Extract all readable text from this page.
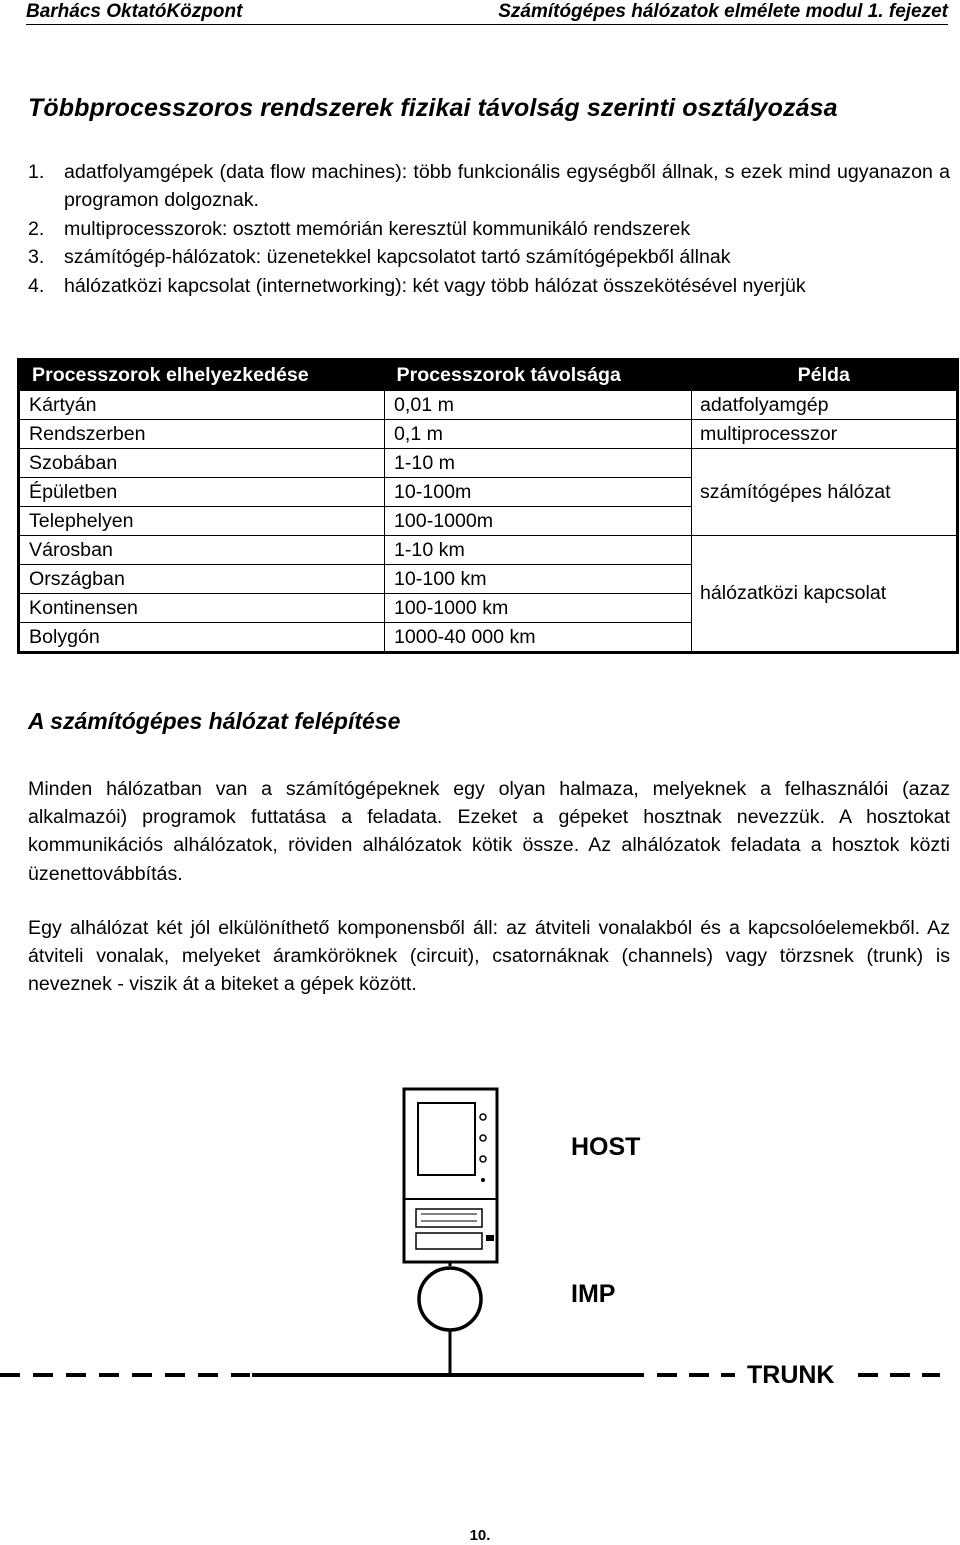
Barhács OktatóKözpont	Számítógépes hálózatok elmélete modul 1. fejezet
Többprocesszoros rendszerek fizikai távolság szerinti osztályozása
1. adatfolyamgépek (data flow machines): több funkcionális egységből állnak, s ezek mind ugyanazon a programon dolgoznak.
2. multiprocesszorok: osztott memórián keresztül kommunikáló rendszerek
3. számítógép-hálózatok: üzenetekkel kapcsolatot tartó számítógépekből állnak
4. hálózatközi kapcsolat (internetworking): két vagy több hálózat összekötésével nyerjük
Processzorok elhelyezkedése	Processzorok távolsága	Példa
Kártyán	0,01 m	adatfolyamgép
Rendszerben	0,1 m	multiprocesszor
Szobában	1-10 m	számítógépes hálózat
Épületben	10-100m	
Telephelyen	100-1000m	
Városban	1-10 km	hálózatközi kapcsolat
Országban	10-100 km	
Kontinensen	100-1000 km	
Bolygón	1000-40 000 km	
A számítógépes hálózat felépítése

Minden hálózatban van a számítógépeknek egy olyan halmaza, melyeknek a felhasználói (azaz alkalmazói) programok futtatása a feladata. Ezeket a gépeket hosztnak nevezzük. A hosztokat kommunikációs alhálózatok, röviden alhálózatok kötik össze. Az alhálózatok feladata a hosztok közti üzenettovábbítás.

Egy alhálózat két jól elkülöníthető komponensből áll: az átviteli vonalakból és a kapcsolóelemekből. Az átviteli vonalak, melyeket áramköröknek (circuit), csatornáknak (channels) vagy törzsnek (trunk) is neveznek - viszik át a biteket a gépek között.

HOST
IMP
TRUNK
10.
